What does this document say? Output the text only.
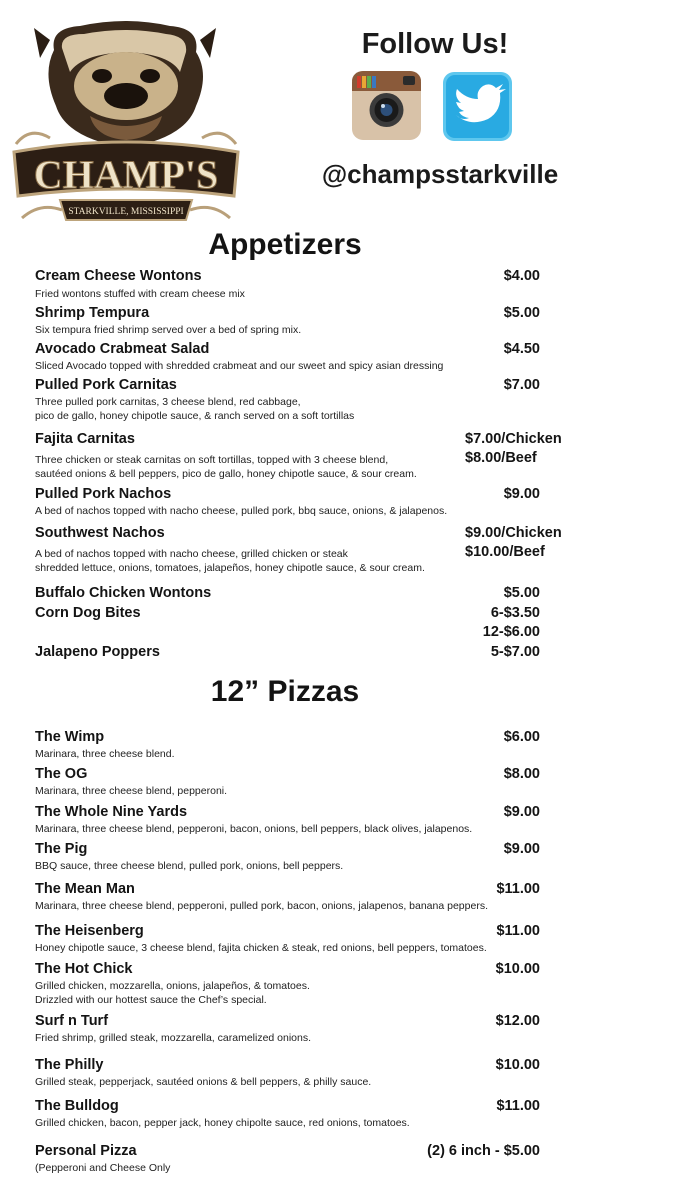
CHAMP'S
STARKVILLE, MISSISSIPPI
Follow Us!
@champsstarkville
Appetizers
Cream Cheese Wontons	$4.00
Fried wontons stuffed with cream cheese mix
Shrimp Tempura	$5.00
Six tempura fried shrimp served over a bed of spring mix.
Avocado Crabmeat Salad	$4.50
Sliced Avocado topped with shredded crabmeat and our sweet and spicy asian dressing
Pulled Pork Carnitas	$7.00
Three pulled pork carnitas, 3 cheese blend, red cabbage,
pico de gallo, honey chipotle sauce, & ranch served on a soft tortillas
Fajita Carnitas	$7.00/Chicken
$8.00/Beef
Three chicken or steak carnitas on soft tortillas, topped with 3 cheese blend,
sautéed onions & bell peppers, pico de gallo, honey chipotle sauce, & sour cream.
Pulled Pork Nachos	$9.00
A bed of nachos topped with nacho cheese, pulled pork, bbq sauce, onions, & jalapenos.
Southwest Nachos	$9.00/Chicken
$10.00/Beef
A bed of nachos topped with nacho cheese, grilled chicken or steak
shredded lettuce, onions, tomatoes, jalapeños, honey chipotle sauce, & sour cream.
Buffalo Chicken Wontons	$5.00
Corn Dog Bites	6-$3.50
12-$6.00
Jalapeno Poppers	5-$7.00
12” Pizzas
The Wimp	$6.00
Marinara, three cheese blend.
The OG	$8.00
Marinara, three cheese blend, pepperoni.
The Whole Nine Yards	$9.00
Marinara, three cheese blend, pepperoni, bacon, onions, bell peppers, black olives, jalapenos.
The Pig	$9.00
BBQ sauce, three cheese blend, pulled pork, onions, bell peppers.
The Mean Man	$11.00
Marinara, three cheese blend, pepperoni, pulled pork, bacon, onions, jalapenos, banana peppers.
The Heisenberg	$11.00
Honey chipotle sauce, 3 cheese blend, fajita chicken & steak, red onions, bell peppers, tomatoes.
The Hot Chick	$10.00
Grilled chicken, mozzarella, onions, jalapeños, & tomatoes.
Drizzled with our hottest sauce the Chef’s special.
Surf n Turf	$12.00
Fried shrimp, grilled steak, mozzarella, caramelized onions.
The Philly	$10.00
Grilled steak, pepperjack, sautéed onions & bell peppers, & philly sauce.
The Bulldog	$11.00
Grilled chicken, bacon, pepper jack, honey chipolte sauce, red onions, tomatoes.
Personal Pizza	(2) 6 inch - $5.00
(Pepperoni and Cheese Only
